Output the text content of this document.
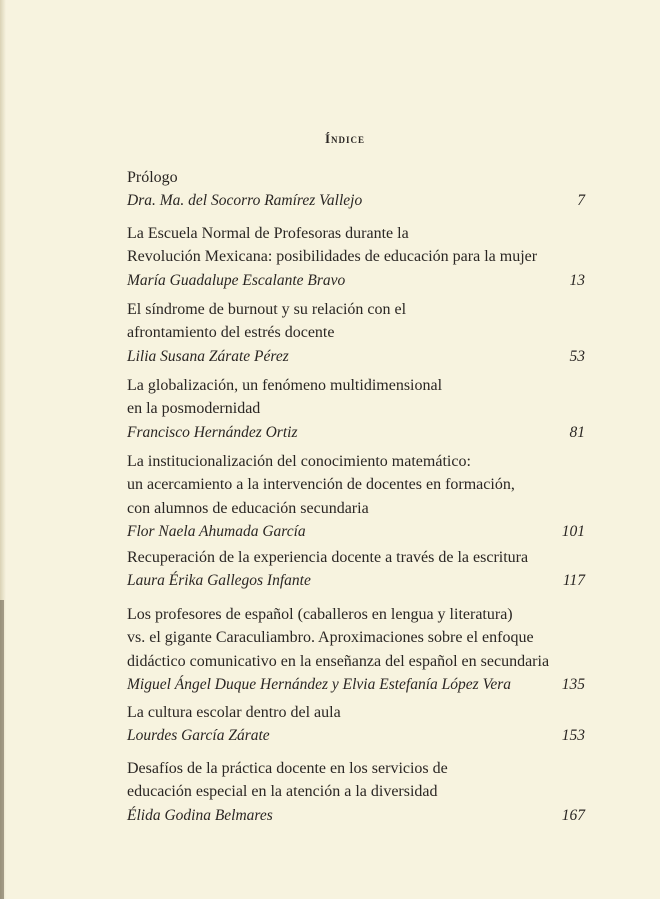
Índice
Prólogo
Dra. Ma. del Socorro Ramírez Vallejo	7
La Escuela Normal de Profesoras durante la
Revolución Mexicana: posibilidades de educación para la mujer
María Guadalupe Escalante Bravo	13
El síndrome de burnout y su relación con el
afrontamiento del estrés docente
Lilia Susana Zárate Pérez	53
La globalización, un fenómeno multidimensional
en la posmodernidad
Francisco Hernández Ortiz	81
La institucionalización del conocimiento matemático:
un acercamiento a la intervención de docentes en formación,
con alumnos de educación secundaria
Flor Naela Ahumada García	101
Recuperación de la experiencia docente a través de la escritura
Laura Érika Gallegos Infante	117
Los profesores de español (caballeros en lengua y literatura)
vs. el gigante Caraculiambro. Aproximaciones sobre el enfoque
didáctico comunicativo en la enseñanza del español en secundaria
Miguel Ángel Duque Hernández y Elvia Estefanía López Vera	135
La cultura escolar dentro del aula
Lourdes García Zárate	153
Desafíos de la práctica docente en los servicios de
educación especial en la atención a la diversidad
Élida Godina Belmares	167
